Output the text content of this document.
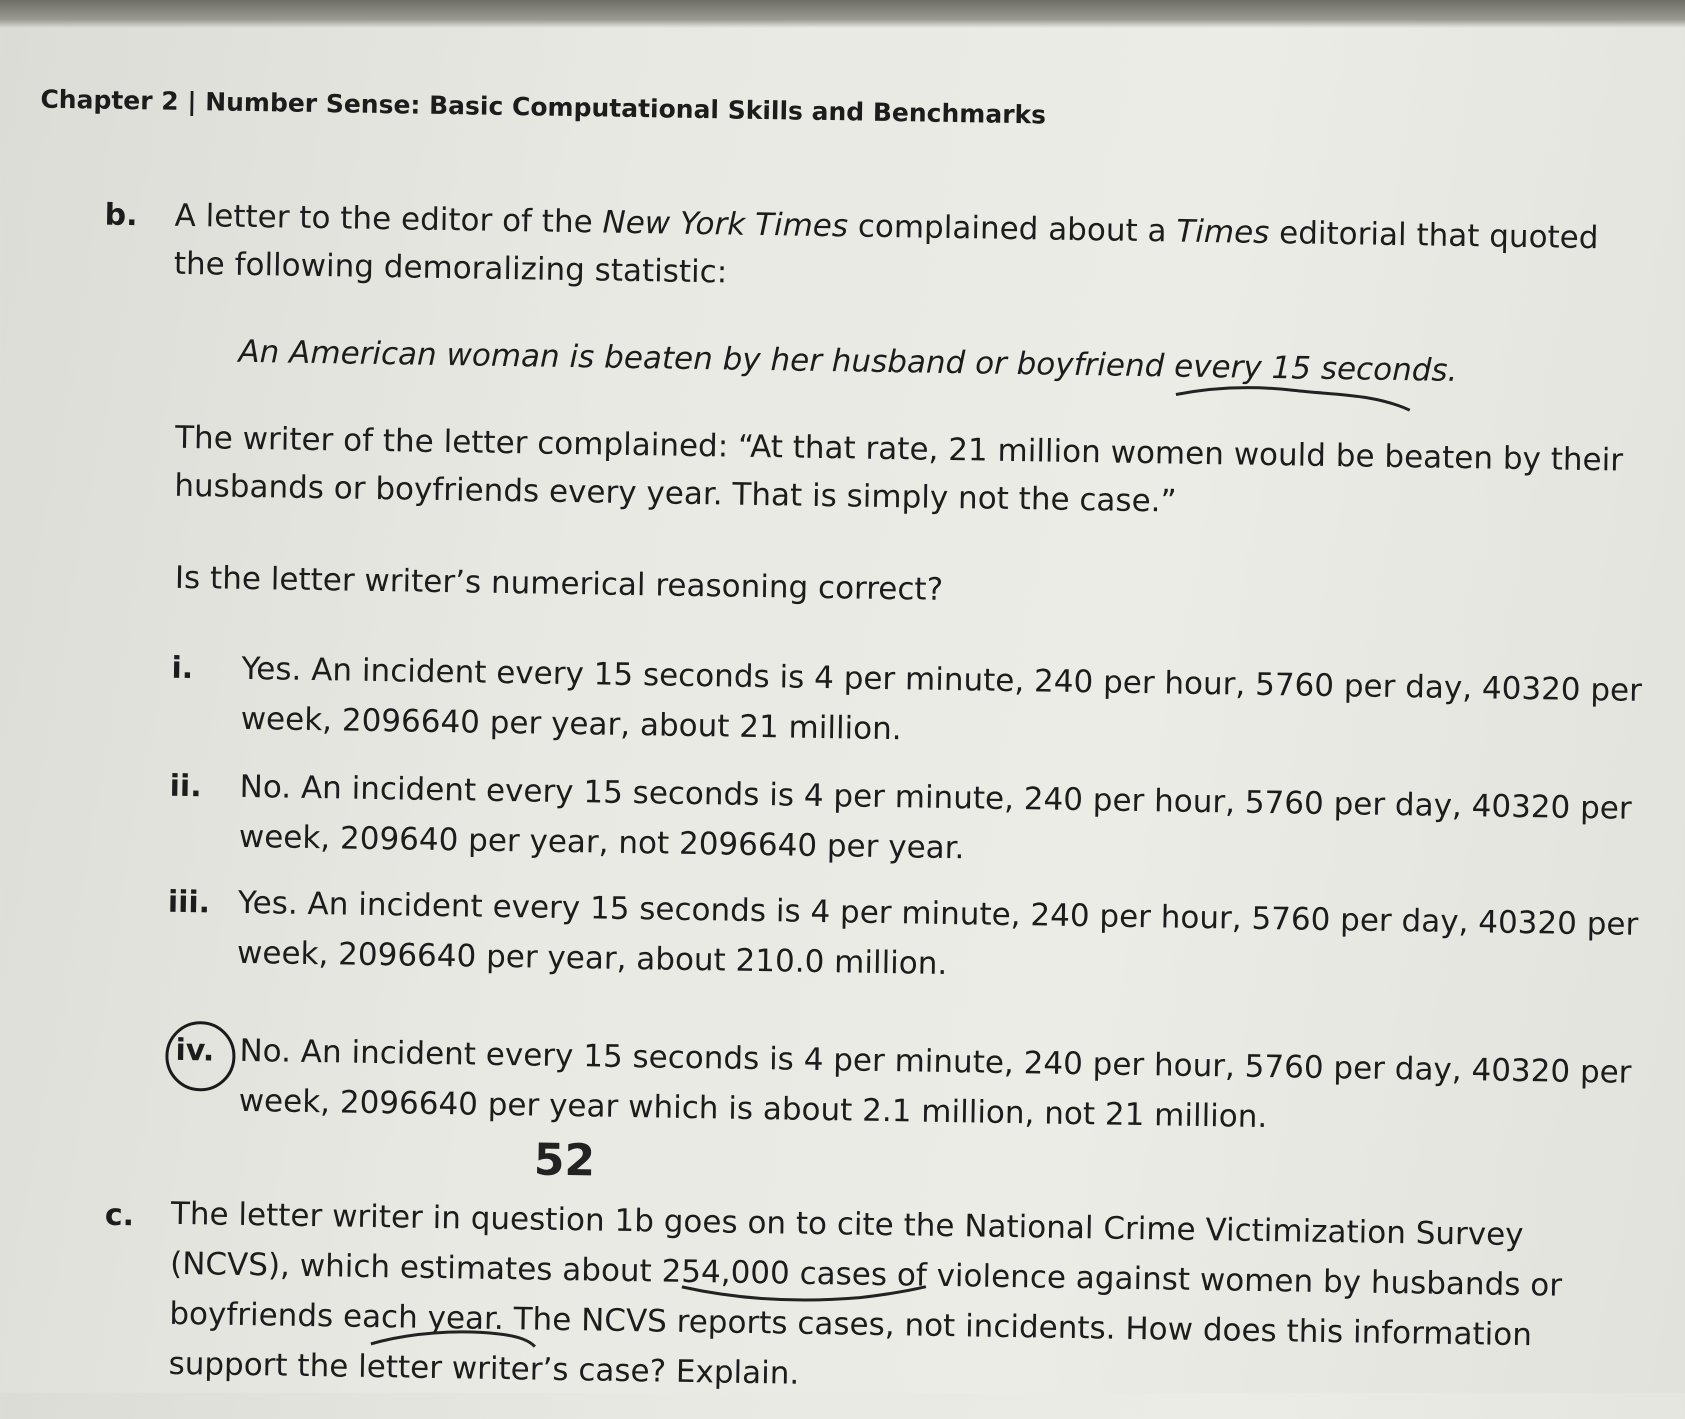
Chapter 2 | Number Sense: Basic Computational Skills and Benchmarks
b. A letter to the editor of the New York Times complained about a Times editorial that quoted
the following demoralizing statistic:
An American woman is beaten by her husband or boyfriend every 15 seconds.
The writer of the letter complained: “At that rate, 21 million women would be beaten by their
husbands or boyfriends every year. That is simply not the case.”
Is the letter writer’s numerical reasoning correct?
i. Yes. An incident every 15 seconds is 4 per minute, 240 per hour, 5760 per day, 40320 per
week, 2096640 per year, about 21 million.
ii. No. An incident every 15 seconds is 4 per minute, 240 per hour, 5760 per day, 40320 per
week, 209640 per year, not 2096640 per year.
iii. Yes. An incident every 15 seconds is 4 per minute, 240 per hour, 5760 per day, 40320 per
week, 2096640 per year, about 210.0 million.
iv. No. An incident every 15 seconds is 4 per minute, 240 per hour, 5760 per day, 40320 per
week, 2096640 per year which is about 2.1 million, not 21 million.
52
c. The letter writer in question 1b goes on to cite the National Crime Victimization Survey
(NCVS), which estimates about 254,000 cases of violence against women by husbands or
boyfriends each year. The NCVS reports cases, not incidents. How does this information
support the letter writer’s case? Explain.
